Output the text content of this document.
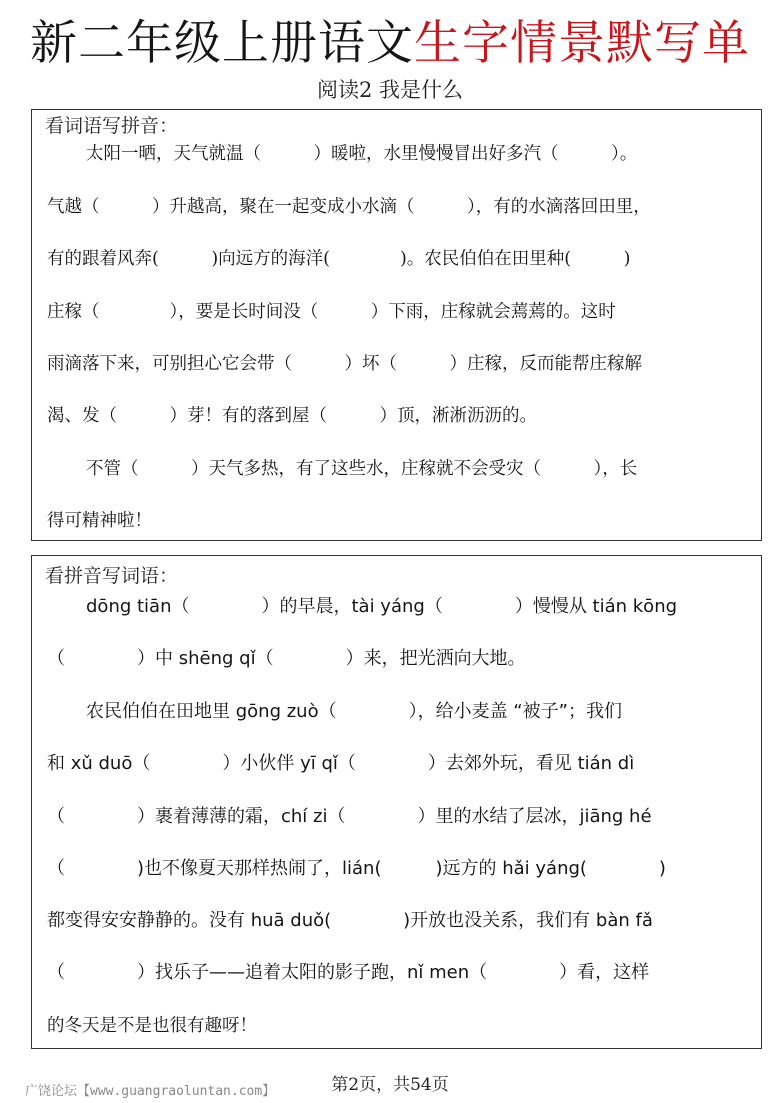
新二年级上册语文生字情景默写单
阅读2 我是什么
看词语写拼音：
太阳一晒，天气就温（　　　）暖啦，水里慢慢冒出好多汽（　　　）。
气越（　　　）升越高，聚在一起变成小水滴（　　　），有的水滴落回田里，
有的跟着风奔(　　　)向远方的海洋(　　　　)。农民伯伯在田里种(　　　)
庄稼（　　　　），要是长时间没（　　　）下雨，庄稼就会蔫蔫的。这时
雨滴落下来，可别担心它会带（　　　）坏（　　　）庄稼，反而能帮庄稼解
渴、发（　　　）芽！有的落到屋（　　　）顶，淅淅沥沥的。
不管（　　　）天气多热，有了这些水，庄稼就不会受灾（　　　），长
得可精神啦！
看拼音写词语：
dōng tiān（　　　　）的早晨，tài yáng（　　　　）慢慢从 tián kōng
（　　　　）中 shēng qǐ（　　　　）来，把光洒向大地。
农民伯伯在田地里 gōng zuò（　　　　），给小麦盖 “被子”；我们
和 xǔ duō（　　　　）小伙伴 yī qǐ（　　　　）去郊外玩，看见 tián dì
（　　　　）裹着薄薄的霜，chí zi（　　　　）里的水结了层冰，jiāng hé
（　　　　)也不像夏天那样热闹了，lián(　　　)远方的 hǎi yáng(　　　　)
都变得安安静静的。没有 huā duǒ(　　　　)开放也没关系，我们有 bàn fǎ
（　　　　）找乐子——追着太阳的影子跑，nǐ men（　　　　）看，这样
的冬天是不是也很有趣呀！
第2页，共54页
广饶论坛【www.guangraoluntan.com】
